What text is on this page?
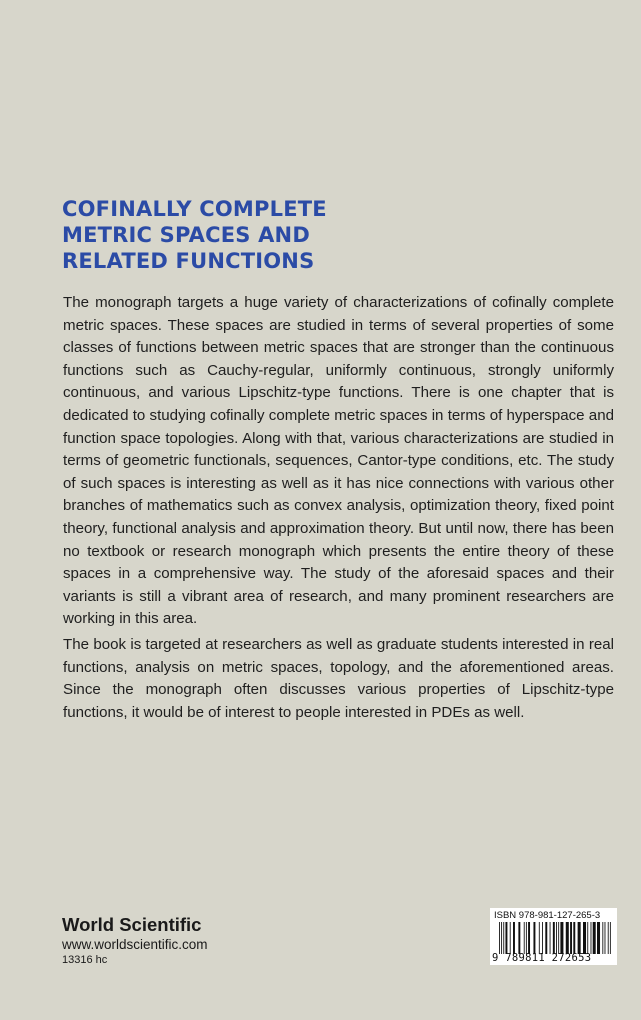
COFINALLY COMPLETE
METRIC SPACES AND
RELATED FUNCTIONS

The monograph targets a huge variety of characterizations of cofinally complete metric spaces. These spaces are studied in terms of several properties of some classes of functions between metric spaces that are stronger than the continuous functions such as Cauchy-regular, uniformly continuous, strongly uniformly continuous, and various Lipschitz-type functions. There is one chapter that is dedicated to studying cofinally complete metric spaces in terms of hyperspace and function space topologies. Along with that, various characterizations are studied in terms of geometric functionals, sequences, Cantor-type conditions, etc. The study of such spaces is interesting as well as it has nice connections with various other branches of mathematics such as convex analysis, optimization theory, fixed point theory, functional analysis and approximation theory. But until now, there has been no textbook or research monograph which presents the entire theory of these spaces in a comprehensive way. The study of the aforesaid spaces and their variants is still a vibrant area of research, and many prominent researchers are working in this area.

The book is targeted at researchers as well as graduate students interested in real functions, analysis on metric spaces, topology, and the aforementioned areas. Since the monograph often discusses various properties of Lipschitz-type functions, it would be of interest to people interested in PDEs as well.

World Scientific
www.worldscientific.com
13316 hc
ISBN 978-981-127-265-3
9 789811 272653
